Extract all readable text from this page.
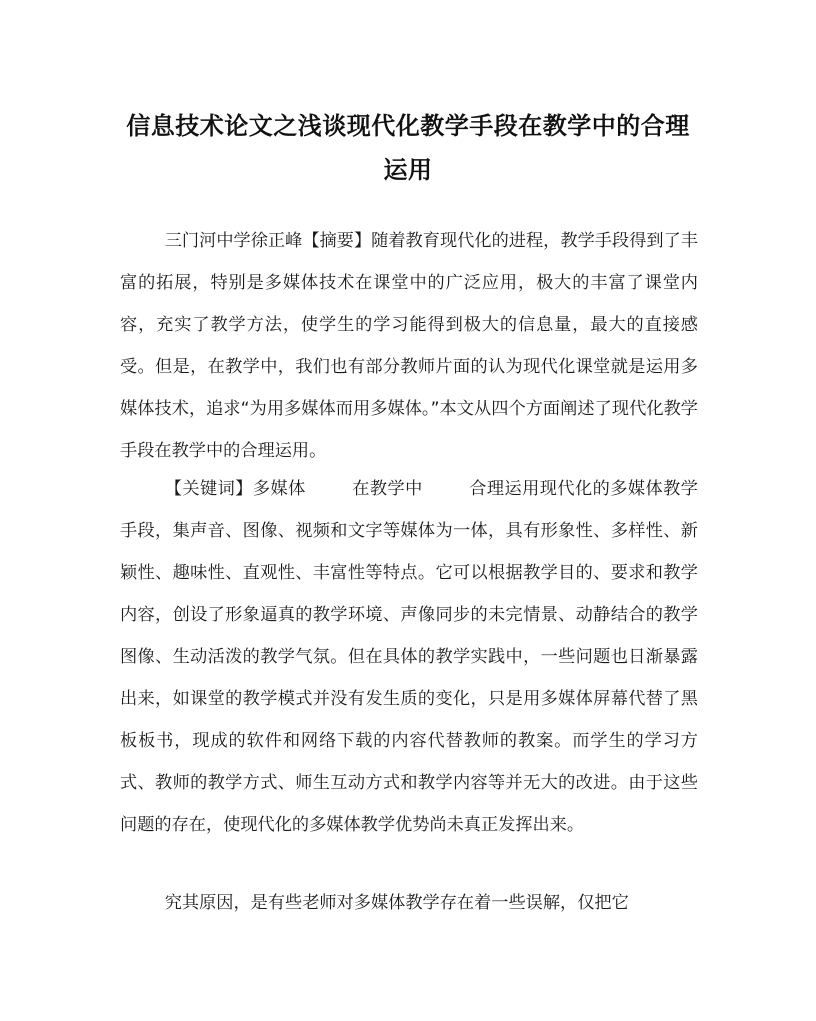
信息技术论文之浅谈现代化教学手段在教学中的合理运用

三门河中学徐正峰【摘要】随着教育现代化的进程，教学手段得到了丰富的拓展，特别是多媒体技术在课堂中的广泛应用，极大的丰富了课堂内容，充实了教学方法，使学生的学习能得到极大的信息量，最大的直接感受。但是，在教学中，我们也有部分教师片面的认为现代化课堂就是运用多媒体技术，追求“为用多媒体而用多媒体。”本文从四个方面阐述了现代化教学手段在教学中的合理运用。

【关键词】多媒体	在教学中	合理运用现代化的多媒体教学手段，集声音、图像、视频和文字等媒体为一体，具有形象性、多样性、新颖性、趣味性、直观性、丰富性等特点。它可以根据教学目的、要求和教学内容，创设了形象逼真的教学环境、声像同步的未完情景、动静结合的教学图像、生动活泼的教学气氛。但在具体的教学实践中，一些问题也日渐暴露出来，如课堂的教学模式并没有发生质的变化，只是用多媒体屏幕代替了黑板板书，现成的软件和网络下载的内容代替教师的教案。而学生的学习方式、教师的教学方式、师生互动方式和教学内容等并无大的改进。由于这些问题的存在，使现代化的多媒体教学优势尚未真正发挥出来。

究其原因，是有些老师对多媒体教学存在着一些误解，仅把它
